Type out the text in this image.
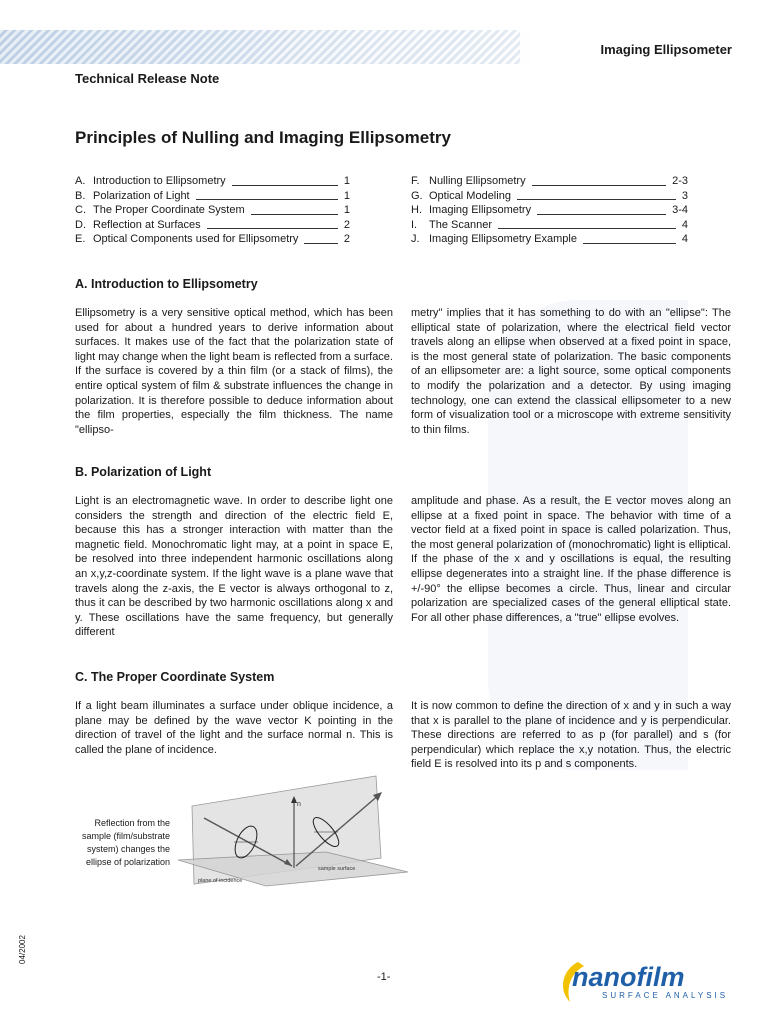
Imaging Ellipsometer
Technical Release Note
Principles of Nulling and Imaging Ellipsometry
A. Introduction to Ellipsometry	1
B. Polarization of Light	1
C. The Proper Coordinate System	1
D. Reflection at Surfaces	2
E. Optical Components used for Ellipsometry	2
F. Nulling Ellipsometry	2-3
G. Optical Modeling	3
H. Imaging Ellipsometry	3-4
I.	The Scanner	4
J. Imaging Ellipsometry Example	4
A. Introduction to Ellipsometry

Ellipsometry is a very sensitive optical method, which has been used for about a hundred years to derive information about surfaces. It makes use of the fact that the polarization state of light may change when the light beam is reflected from a surface. If the surface is covered by a thin film (or a stack of films), the entire optical system of film & substrate influences the change in polarization. It is therefore possible to deduce information about the film properties, especially the film thickness. The name "ellipso-

metry" implies that it has something to do with an "ellipse": The elliptical state of polarization, where the electrical field vector travels along an ellipse when observed at a fixed point in space, is the most general state of polarization. The basic components of an ellipsometer are: a light source, some optical components to modify the polarization and a detector. By using imaging technology, one can extend the classical ellipsometer to a new form of visualization tool or a microscope with extreme sensitivity to thin films.

B. Polarization of Light

Light is an electromagnetic wave. In order to describe light one considers the strength and direction of the electric field E, because this has a stronger interaction with matter than the magnetic field. Monochromatic light may, at a point in space E, be resolved into three independent harmonic oscillations along an x,y,z-coordinate system. If the light wave is a plane wave that travels along the z-axis, the E vector is always orthogonal to z, thus it can be described by two harmonic oscillations along x and y. These oscillations have the same frequency, but generally different

amplitude and phase. As a result, the E vector moves along an ellipse at a fixed point in space. The behavior with time of a vector field at a fixed point in space is called polarization. Thus, the most general polarization of (monochromatic) light is elliptical. If the phase of the x and y oscillations is equal, the resulting ellipse degenerates into a straight line. If the phase difference is +/-90° the ellipse becomes a circle. Thus, linear and circular polarization are specialized cases of the general elliptical state. For all other phase differences, a "true" ellipse evolves.

C. The Proper Coordinate System

If a light beam illuminates a surface under oblique incidence, a plane may be defined by the wave vector K pointing in the direction of travel of the light and the surface normal n. This is called the plane of incidence.

It is now common to define the direction of x and y in such a way that x is parallel to the plane of incidence and y is perpendicular. These directions are referred to as p (for parallel) and s (for perpendicular) which replace the x,y notation. Thus, the electric field E is resolved into its p and s components.

Reflection from the sample (film/substrate system) changes the ellipse of polarization
n
plane of incidence
sample surface
04/2002
-1-	nanofilm
SURFACE ANALYSIS
